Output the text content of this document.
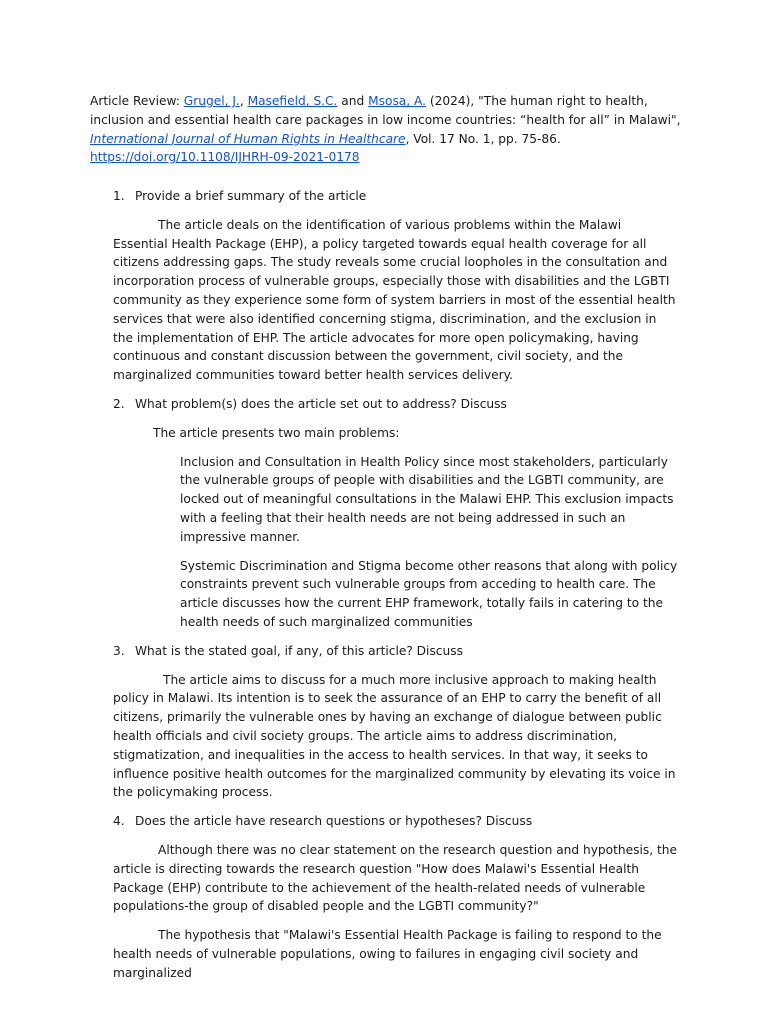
Article Review: Grugel, J., Masefield, S.C. and Msosa, A. (2024), "The human right to health, inclusion and essential health care packages in low income countries: “health for all” in Malawi", International Journal of Human Rights in Healthcare, Vol. 17 No. 1, pp. 75-86. https://doi.org/10.1108/IJHRH-09-2021-0178

1. Provide a brief summary of the article

The article deals on the identification of various problems within the Malawi Essential Health Package (EHP), a policy targeted towards equal health coverage for all citizens addressing gaps. The study reveals some crucial loopholes in the consultation and incorporation process of vulnerable groups, especially those with disabilities and the LGBTI community as they experience some form of system barriers in most of the essential health services that were also identified concerning stigma, discrimination, and the exclusion in the implementation of EHP. The article advocates for more open policymaking, having continuous and constant discussion between the government, civil society, and the marginalized communities toward better health services delivery.

2. What problem(s) does the article set out to address? Discuss

The article presents two main problems:

Inclusion and Consultation in Health Policy since most stakeholders, particularly the vulnerable groups of people with disabilities and the LGBTI community, are locked out of meaningful consultations in the Malawi EHP. This exclusion impacts with a feeling that their health needs are not being addressed in such an impressive manner.

Systemic Discrimination and Stigma become other reasons that along with policy constraints prevent such vulnerable groups from acceding to health care. The article discusses how the current EHP framework, totally fails in catering to the health needs of such marginalized communities

3. What is the stated goal, if any, of this article? Discuss

The article aims to discuss for a much more inclusive approach to making health policy in Malawi. Its intention is to seek the assurance of an EHP to carry the benefit of all citizens, primarily the vulnerable ones by having an exchange of dialogue between public health officials and civil society groups. The article aims to address discrimination, stigmatization, and inequalities in the access to health services. In that way, it seeks to influence positive health outcomes for the marginalized community by elevating its voice in the policymaking process.

4. Does the article have research questions or hypotheses? Discuss

Although there was no clear statement on the research question and hypothesis, the article is directing towards the research question "How does Malawi's Essential Health Package (EHP) contribute to the achievement of the health-related needs of vulnerable populations-the group of disabled people and the LGBTI community?"

The hypothesis that "Malawi's Essential Health Package is failing to respond to the health needs of vulnerable populations, owing to failures in engaging civil society and marginalized
